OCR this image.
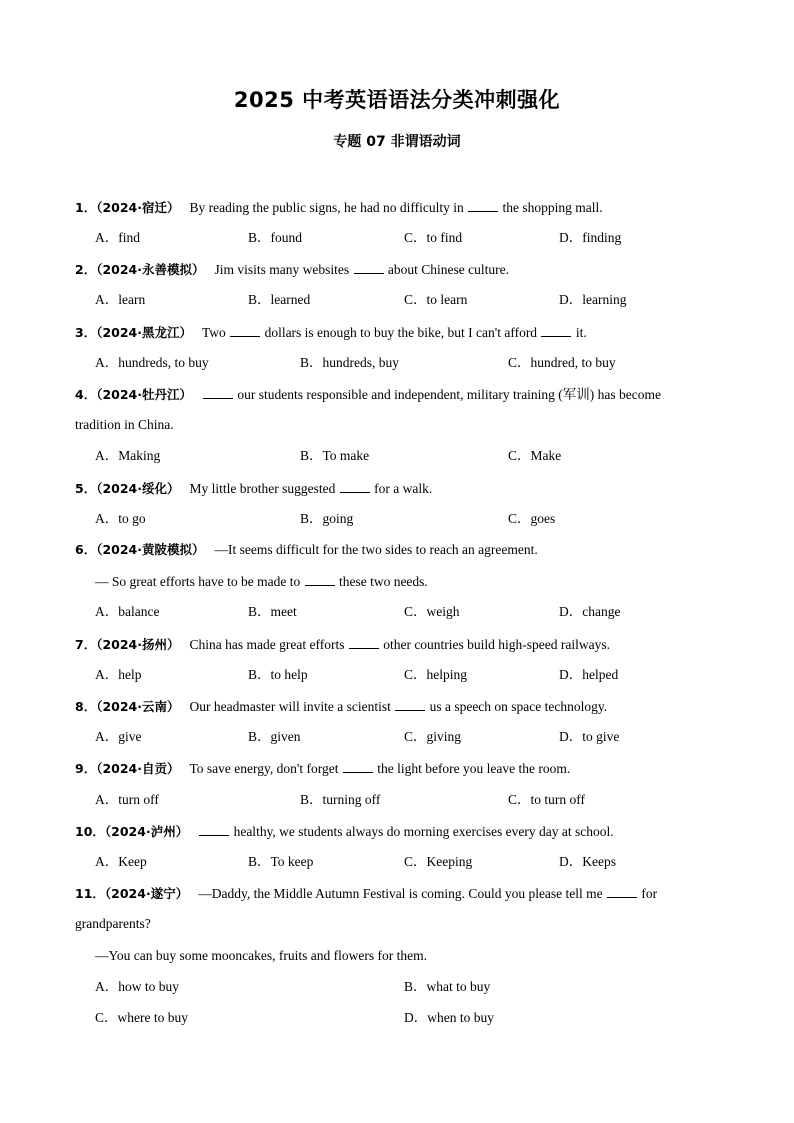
2025 中考英语语法分类冲刺强化
专题 07 非谓语动词
1．（2024·宿迁） By reading the public signs, he had no difficulty in  the shopping mall.
A．find	B．found	C．to find	D．finding
2．（2024·永善模拟） Jim visits many websites  about Chinese culture.
A．learn	B．learned	C．to learn	D．learning
3．（2024·黑龙江） Two  dollars is enough to buy the bike, but I can't afford  it.
A．hundreds, to buy	B．hundreds, buy	C．hundred, to buy
4．（2024·牡丹江）	our students responsible and independent, military training (军训) has become
tradition in China.
A．Making	B．To make	C．Make
5．（2024·绥化） My little brother suggested  for a walk.
A．to go	B．going	C．goes
6．（2024·黄陂模拟） —It seems difficult for the two sides to reach an agreement.
— So great efforts have to be made to  these two needs.
A．balance	B．meet	C．weigh	D．change
7．（2024·扬州） China has made great efforts  other countries build high-speed railways.
A．help	B．to help	C．helping	D．helped
8．（2024·云南） Our headmaster will invite a scientist  us a speech on space technology.
A．give	B．given	C．giving	D．to give
9．（2024·自贡） To save energy, don't forget  the light before you leave the room.
A．turn off	B．turning off	C．to turn off
10．（2024·泸州）	healthy, we students always do morning exercises every day at school.
A．Keep	B．To keep	C．Keeping	D．Keeps
11．（2024·遂宁） —Daddy, the Middle Autumn Festival is coming. Could you please tell me  for
grandparents?
—You can buy some mooncakes, fruits and flowers for them.
A．how to buy	B．what to buy
C．where to buy	D．when to buy
